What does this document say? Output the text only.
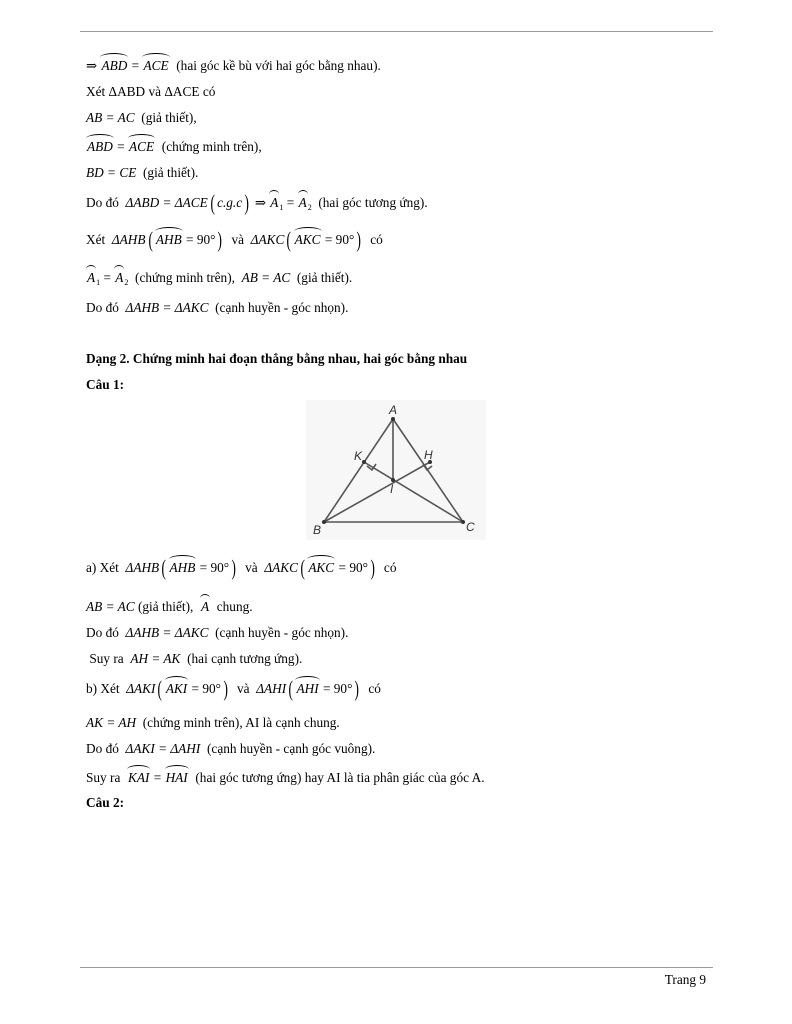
⇒ ABD = ACE  (hai góc kề bù với hai góc bằng nhau).
Xét ΔABD và ΔACE có
AB = AC  (giả thiết),
ABD = ACE  (chứng minh trên),
BD = CE  (giả thiết).
Do đó  ΔABD = ΔACE ( c.g.c ) ⇒ $A_1 = A_2$  (hai góc tương ứng).
Xét  ΔAHB ( AHB = 90° )  và  ΔAKC ( AKC = 90° )  có
$A_1 = A_2$  (chứng minh trên),  AB = AC  (giả thiết).
Do đó  ΔAHB = ΔAKC  (cạnh huyền - góc nhọn).
Dạng 2. Chứng minh hai đoạn thẳng bằng nhau, hai góc bằng nhau
Câu 1:
A
K	H
I
B	C
a) Xét  ΔAHB ( AHB = 90° )  và  ΔAKC ( AKC = 90° )  có
AB = AC (giả thiết),  A  chung.
Do đó  ΔAHB = ΔAKC  (cạnh huyền - góc nhọn).
Suy ra  AH = AK  (hai cạnh tương ứng).
b) Xét  ΔAKI ( AKI = 90° )  và  ΔAHI ( AHI = 90° )  có
AK = AH  (chứng minh trên), AI là cạnh chung.
Do đó  ΔAKI = ΔAHI  (cạnh huyền - cạnh góc vuông).
Suy ra  KAI = HAI  (hai góc tương ứng) hay AI là tia phân giác của góc A.
Câu 2:
Trang 9
